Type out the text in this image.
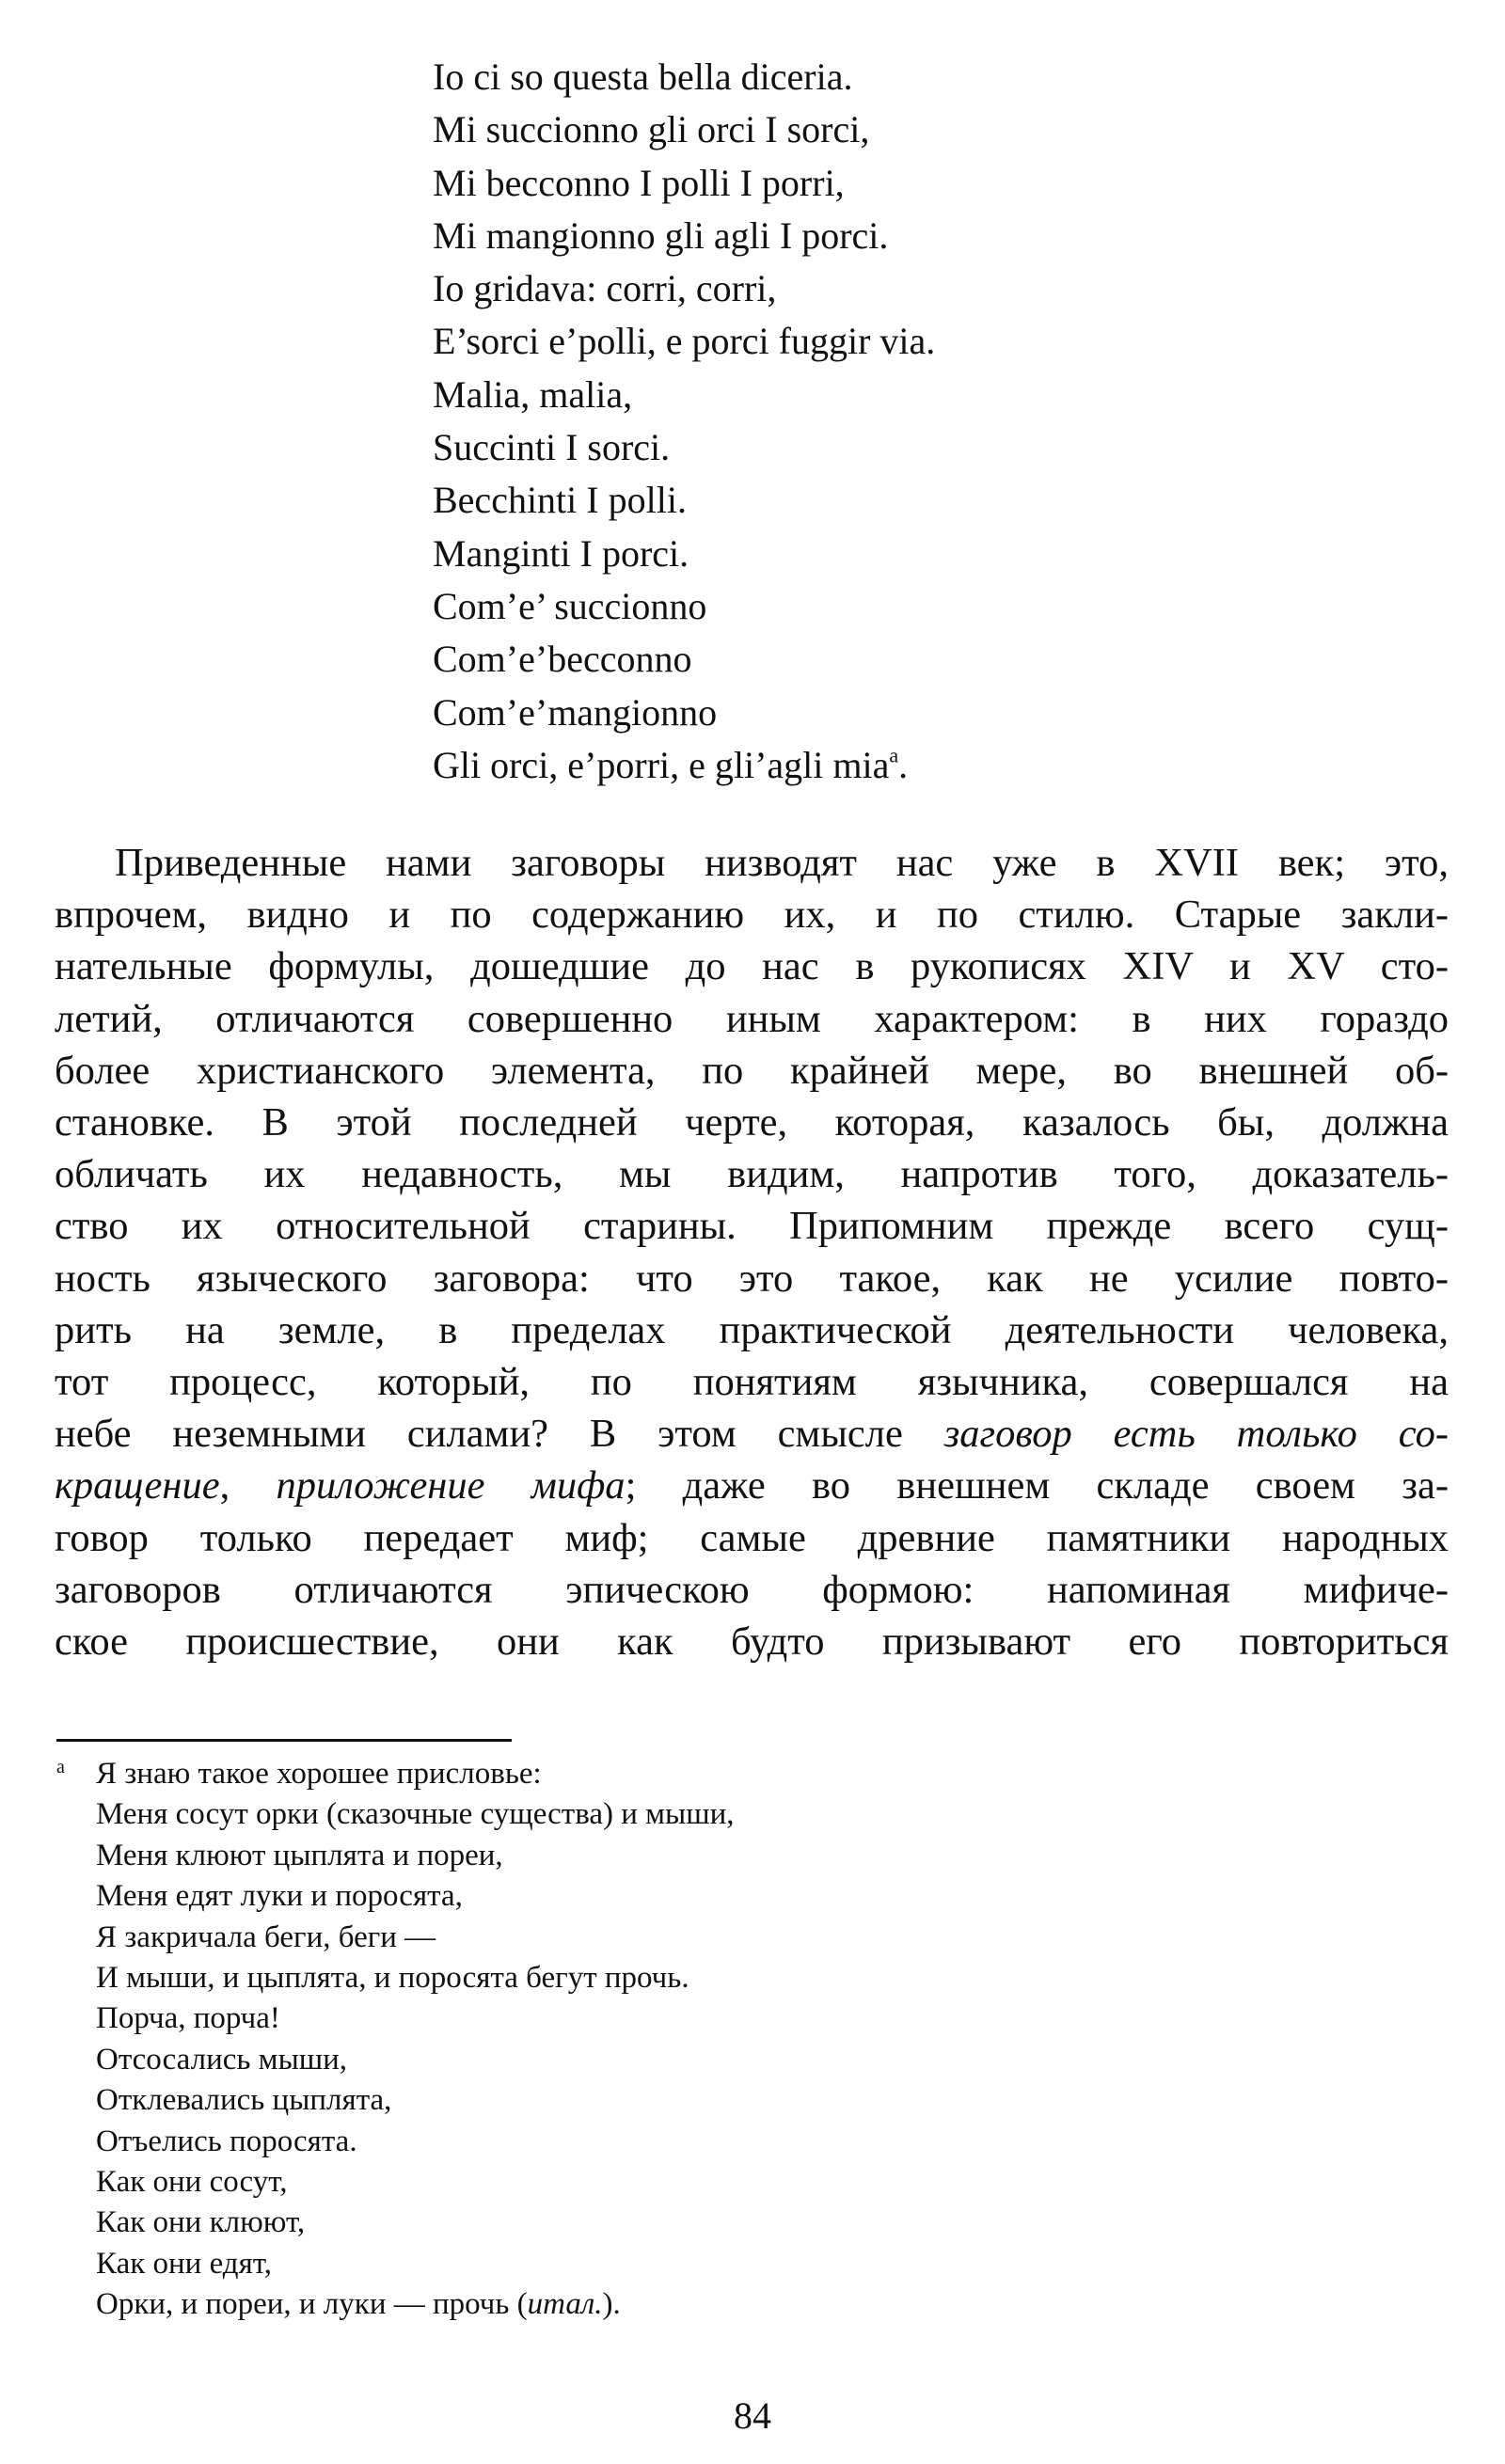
Io ci so questa bella diceria.
Mi succionno gli orci I sorci,
Mi becconno I polli I porri,
Mi mangionno gli agli I porci.
Io gridava: corri, corri,
E’sorci e’polli, e porci fuggir via.
Malia, malia,
Succinti I sorci.
Becchinti I polli.
Manginti I porci.
Com’e’ succionno
Com’e’becconno
Com’e’mangionno
Gli orci, e’porri, e gli’agli mia$^а$.
Приведенные нами заговоры низводят нас уже в XVII век; это,
впрочем, видно и по содержанию их, и по стилю. Старые закли-
нательные формулы, дошедшие до нас в рукописях XIV и XV сто-
летий, отличаются совершенно иным характером: в них гораздо
более христианского элемента, по крайней мере, во внешней об-
становке. В этой последней черте, которая, казалось бы, должна
обличать их недавность, мы видим, напротив того, доказатель-
ство их относительной старины. Припомним прежде всего сущ-
ность языческого заговора: что это такое, как не усилие повто-
рить на земле, в пределах практической деятельности человека,
тот процесс, который, по понятиям язычника, совершался на
небе неземными силами? В этом смысле заговор есть только со-
кращение, приложение мифа; даже во внешнем складе своем за-
говор только передает миф; самые древние памятники народных
заговоров отличаются эпическою формою: напоминая мифиче-
ское происшествие, они как будто призывают его повториться
а	Я знаю такое хорошее присловье:
Меня сосут орки (сказочные существа) и мыши,
Меня клюют цыплята и пореи,
Меня едят луки и поросята,
Я закричала беги, беги —
И мыши, и цыплята, и поросята бегут прочь.
Порча, порча!
Отсосались мыши,
Отклевались цыплята,
Отъелись поросята.
Как они сосут,
Как они клюют,
Как они едят,
Орки, и пореи, и луки — прочь (итал.).
84
